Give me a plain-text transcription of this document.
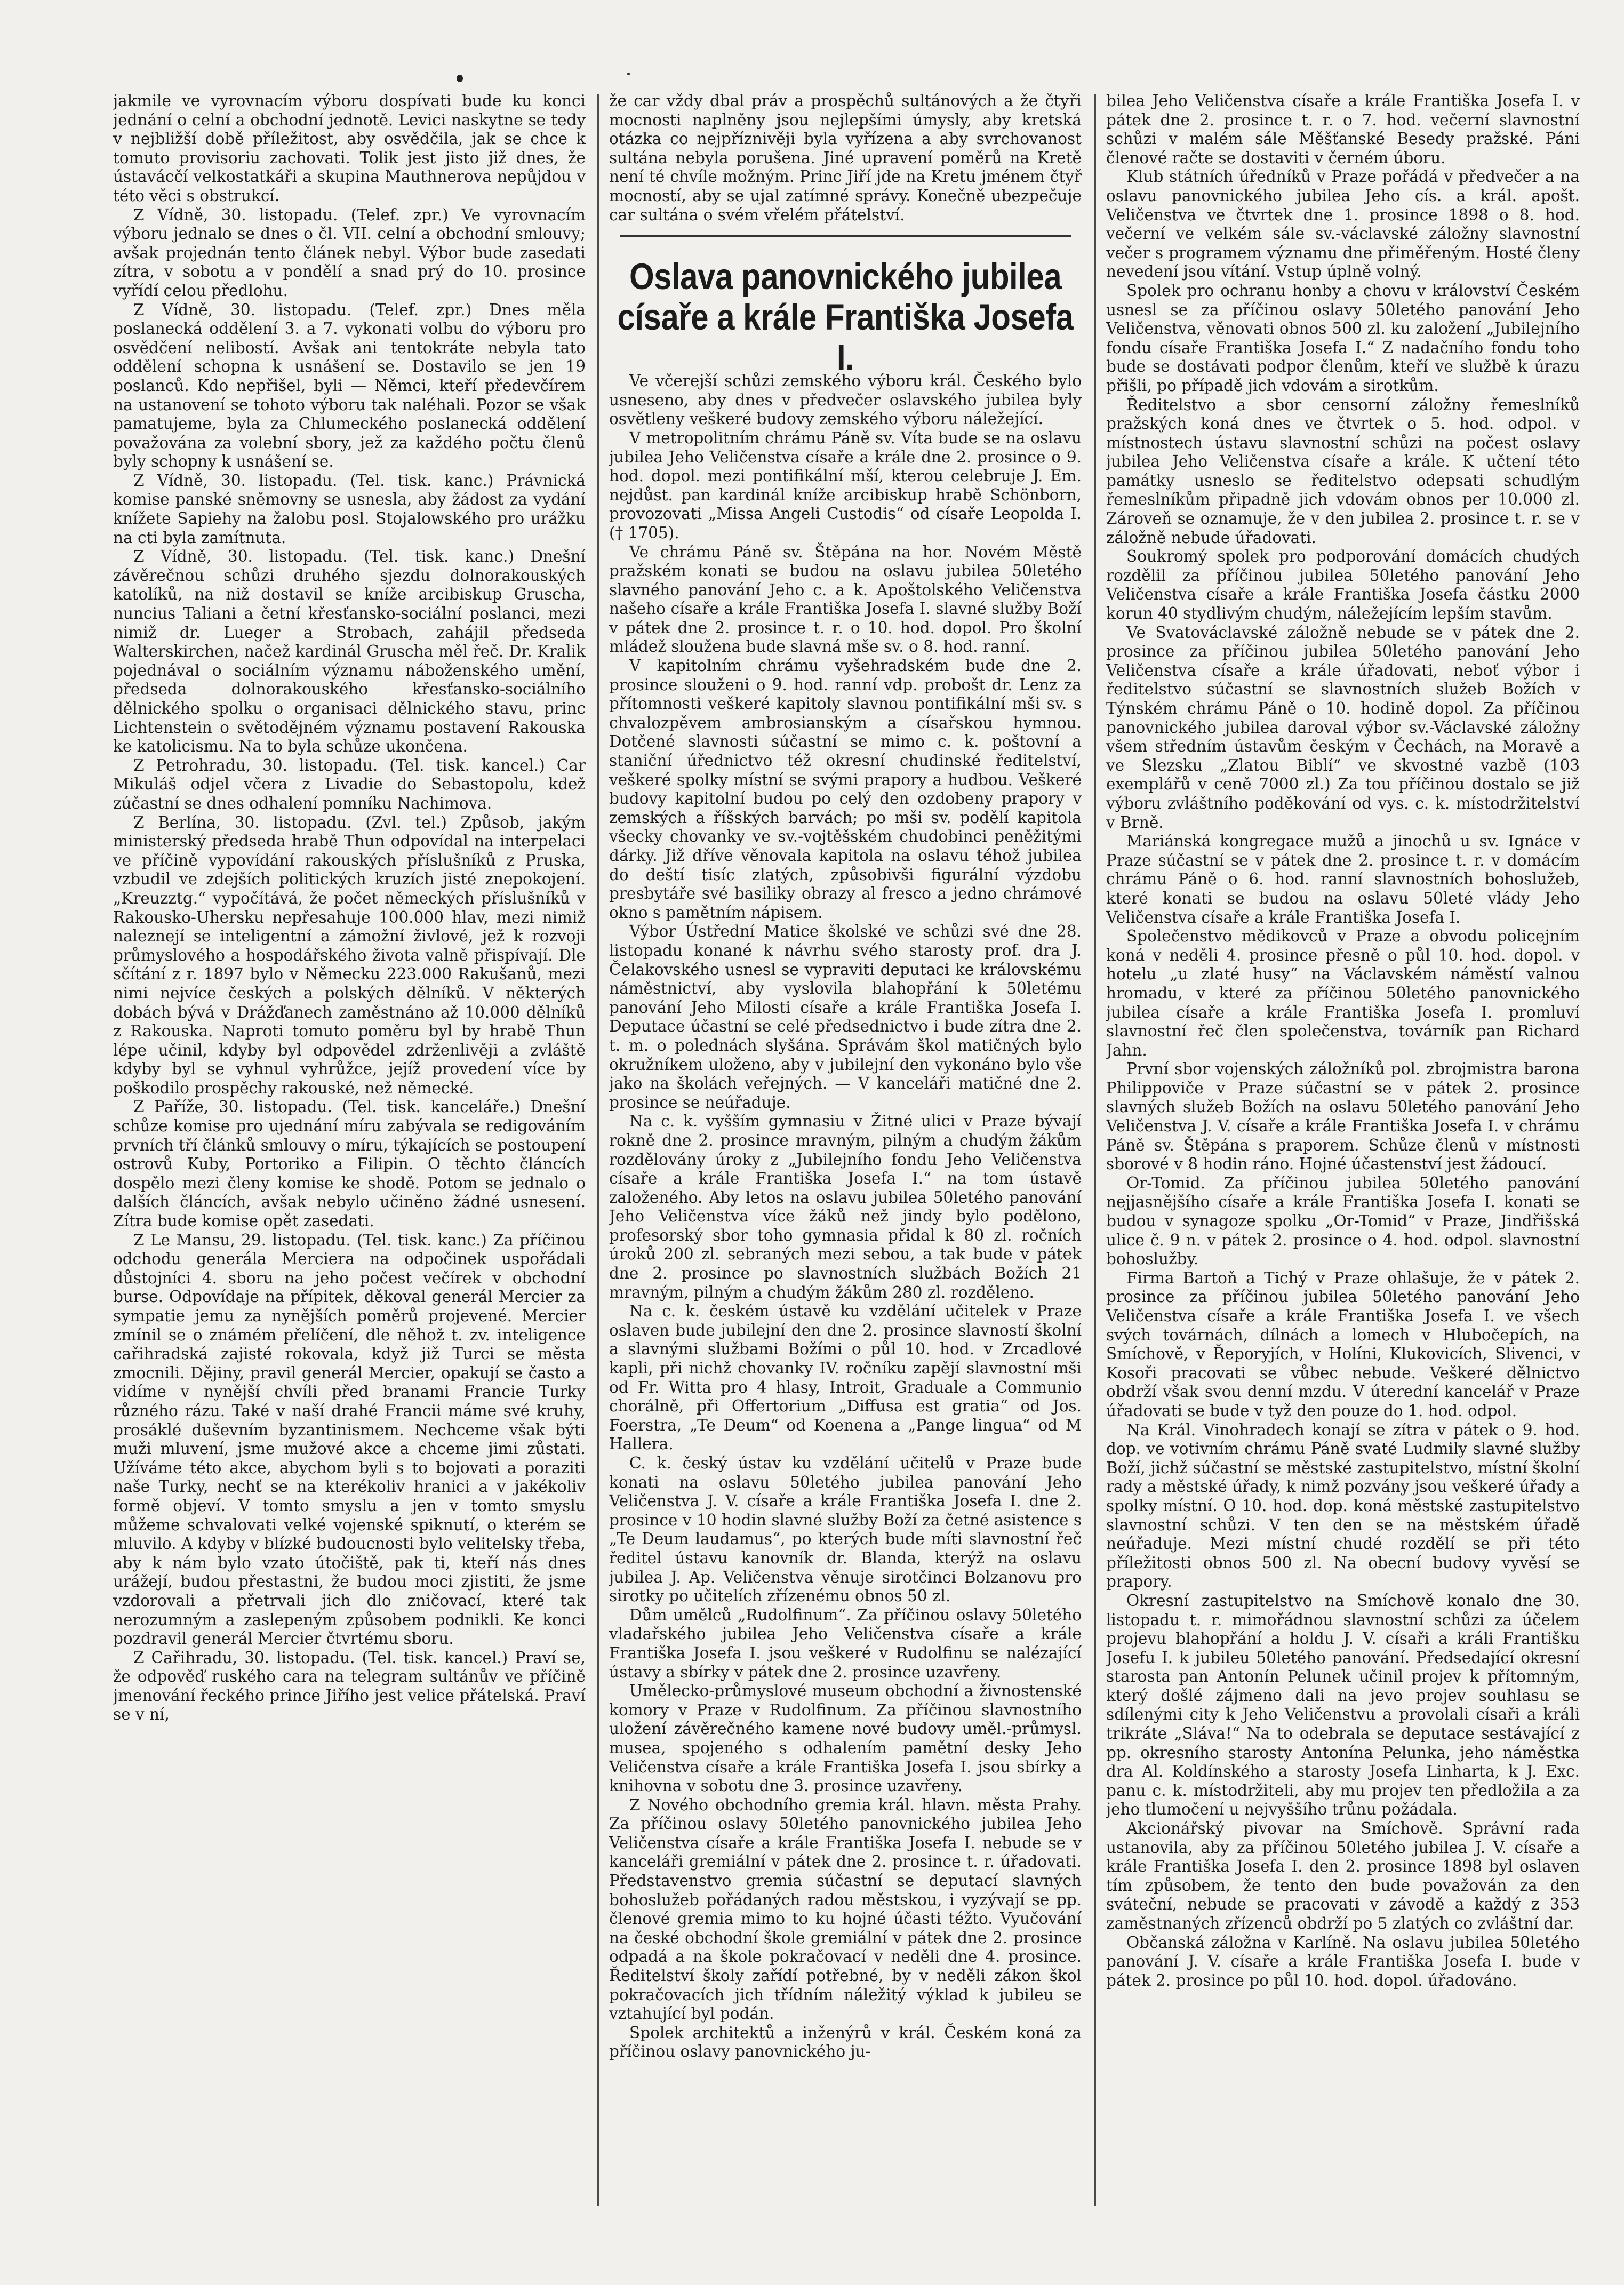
jakmile ve vyrovnacím výboru dospívati bude ku konci jednání o celní a obchodní jednotě. Levici naskytne se tedy v nejbližší době příležitost, aby osvědčila, jak se chce k tomuto provisoriu zachovati. Tolik jest jisto již dnes, že ústavácčí velkostatkáři a skupina Mauthnerova nepůjdou v této věci s obstrukcí.

Z Vídně, 30. listopadu. (Telef. zpr.) Ve vyrovnacím výboru jednalo se dnes o čl. VII. celní a obchodní smlouvy; avšak projednán tento článek nebyl. Výbor bude zasedati zítra, v sobotu a v pondělí a snad prý do 10. prosince vyřídí celou předlohu.

Z Vídně, 30. listopadu. (Telef. zpr.) Dnes měla poslanecká oddělení 3. a 7. vykonati volbu do výboru pro osvědčení nelibostí. Avšak ani tentokráte nebyla tato oddělení schopna k usnášení se. Dostavilo se jen 19 poslanců. Kdo nepřišel, byli — Němci, kteří předevčírem na ustanovení se tohoto výboru tak naléhali. Pozor se však pamatujeme, byla za Chlumeckého poslanecká oddělení považována za volební sbory, jež za každého počtu členů byly schopny k usnášení se.

Z Vídně, 30. listopadu. (Tel. tisk. kanc.) Právnická komise panské sněmovny se usnesla, aby žádost za vydání knížete Sapiehy na žalobu posl. Stojalowského pro urážku na cti byla zamítnuta.

Z Vídně, 30. listopadu. (Tel. tisk. kanc.) Dnešní závěrečnou schůzi druhého sjezdu dolnorakouských katolíků, na niž dostavil se kníže arcibiskup Gruscha, nuncius Taliani a četní křesťansko-sociální poslanci, mezi nimiž dr. Lueger a Strobach, zahájil předseda Walterskirchen, načež kardinál Gruscha měl řeč. Dr. Kralik pojednával o sociálním významu náboženského umění, předseda dolnorakouského křesťansko-sociálního dělnického spolku o organisaci dělnického stavu, princ Lichtenstein o světodějném významu postavení Rakouska ke katolicismu. Na to byla schůze ukončena.

Z Petrohradu, 30. listopadu. (Tel. tisk. kancel.) Car Mikuláš odjel včera z Livadie do Sebastopolu, kdež zúčastní se dnes odhalení pomníku Nachimova.

Z Berlína, 30. listopadu. (Zvl. tel.) Způsob, jakým ministerský předseda hrabě Thun odpovídal na interpelaci ve příčině vypovídání rakouských příslušníků z Pruska, vzbudil ve zdejších politických kruzích jisté znepokojení. „Kreuzztg.“ vypočítává, že počet německých příslušníků v Rakousko-Uhersku nepřesahuje 100.000 hlav, mezi nimiž naleznejí se inteligentní a zámožní živlové, jež k rozvoji průmyslového a hospodářského života valně přispívají. Dle sčítání z r. 1897 bylo v Německu 223.000 Rakušanů, mezi nimi nejvíce českých a polských dělníků. V některých dobách bývá v Drážďanech zaměstnáno až 10.000 dělníků z Rakouska. Naproti tomuto poměru byl by hrabě Thun lépe učinil, kdyby byl odpovědel zdrženlivěji a zvláště kdyby byl se vyhnul vyhrůžce, jejíž provedení více by poškodilo prospěchy rakouské, než německé.

Z Paříže, 30. listopadu. (Tel. tisk. kanceláře.) Dnešní schůze komise pro ujednání míru zabývala se redigováním prvních tří článků smlouvy o míru, týkajících se postoupení ostrovů Kuby, Portoriko a Filipin. O těchto článcích dospělo mezi členy komise ke shodě. Potom se jednalo o dalších článcích, avšak nebylo učiněno žádné usnesení. Zítra bude komise opět zasedati.

Z Le Mansu, 29. listopadu. (Tel. tisk. kanc.) Za příčinou odchodu generála Merciera na odpočinek uspořádali důstojníci 4. sboru na jeho počest večírek v obchodní burse. Odpovídaje na přípitek, děkoval generál Mercier za sympatie jemu za nynějších poměrů projevené. Mercier zmínil se o známém přelíčení, dle něhož t. zv. inteligence cařihradská zajisté rokovala, když již Turci se města zmocnili. Dějiny, pravil generál Mercier, opakují se často a vidíme v nynější chvíli před branami Francie Turky různého rázu. Také v naší drahé Francii máme své kruhy, prosáklé duševním byzantinismem. Nechceme však býti muži mluvení, jsme mužové akce a chceme jimi zůstati. Užíváme této akce, abychom byli s to bojovati a poraziti naše Turky, nechť se na kterékoliv hranici a v jakékoliv formě objeví. V tomto smyslu a jen v tomto smyslu můžeme schvalovati velké vojenské spiknutí, o kterém se mluvilo. A kdyby v blízké budoucnosti bylo velitelsky třeba, aby k nám bylo vzato útočiště, pak ti, kteří nás dnes urážejí, budou přestastni, že budou moci zjistiti, že jsme vzdorovali a přetrvali jich dlo zničovací, které tak nerozumným a zaslepeným způsobem podnikli. Ke konci pozdravil generál Mercier čtvrtému sboru.

Z Cařihradu, 30. listopadu. (Tel. tisk. kancel.) Praví se, že odpověď ruského cara na telegram sultánův ve příčině jmenování řeckého prince Jiřího jest velice přátelská. Praví se v ní,

že car vždy dbal práv a prospěchů sultánových a že čtyři mocnosti naplněny jsou nejlepšími úmysly, aby kretská otázka co nejpříznivěji byla vyřízena a aby svrchovanost sultána nebyla porušena. Jiné upravení poměrů na Kretě není té chvíle možným. Princ Jiří jde na Kretu jménem čtyř mocností, aby se ujal zatímné správy. Konečně ubezpečuje car sultána o svém vřelém přátelství.

Oslava panovnického jubilea císaře a krále Františka Josefa I.

Ve včerejší schůzi zemského výboru král. Českého bylo usneseno, aby dnes v předvečer oslavského jubilea byly osvětleny veškeré budovy zemského výboru náležející.

V metropolitním chrámu Páně sv. Víta bude se na oslavu jubilea Jeho Veličenstva císaře a krále dne 2. prosince o 9. hod. dopol. mezi pontifikální mší, kterou celebruje J. Em. nejdůst. pan kardinál kníže arcibiskup hrabě Schönborn, provozovati „Missa Angeli Custodis“ od císaře Leopolda I. († 1705).

Ve chrámu Páně sv. Štěpána na hor. Novém Městě pražském konati se budou na oslavu jubilea 50letého slavného panování Jeho c. a k. Apoštolského Veličenstva našeho císaře a krále Františka Josefa I. slavné služby Boží v pátek dne 2. prosince t. r. o 10. hod. dopol. Pro školní mládež sloužena bude slavná mše sv. o 8. hod. ranní.

V kapitolním chrámu vyšehradském bude dne 2. prosince slouženi o 9. hod. ranní vdp. probošt dr. Lenz za přítomnosti veškeré kapitoly slavnou pontifikální mši sv. s chvalozpěvem ambrosianským a císařskou hymnou. Dotčené slavnosti súčastní se mimo c. k. poštovní a staniční úřednictvo též okresní chudinské ředitelství, veškeré spolky místní se svými prapory a hudbou. Veškeré budovy kapitolní budou po celý den ozdobeny prapory v zemských a říšských barvách; po mši sv. podělí kapitola všecky chovanky ve sv.-vojtěšském chudobinci peněžitými dárky. Již dříve věnovala kapitola na oslavu téhož jubilea do deští tisíc zlatých, způsobivši figurální výzdobu presbytáře své basiliky obrazy al fresco a jedno chrámové okno s pamětním nápisem.

Výbor Ústřední Matice školské ve schůzi své dne 28. listopadu konané k návrhu svého starosty prof. dra J. Čelakovského usnesl se vypraviti deputaci ke královskému náměstnictví, aby vyslovila blahopřání k 50letému panování Jeho Milosti císaře a krále Františka Josefa I. Deputace účastní se celé předsednictvo i bude zítra dne 2. t. m. o polednách slyšána. Správám škol matičných bylo okružníkem uloženo, aby v jubilejní den vykonáno bylo vše jako na školách veřejných. — V kanceláři matičné dne 2. prosince se neúřaduje.

Na c. k. vyšším gymnasiu v Žitné ulici v Praze bývají rokně dne 2. prosince mravným, pilným a chudým žákům rozdělovány úroky z „Jubilejního fondu Jeho Veličenstva císaře a krále Františka Josefa I.“ na tom ústavě založeného. Aby letos na oslavu jubilea 50letého panování Jeho Veličenstva více žáků než jindy bylo podělono, profesorský sbor toho gymnasia přidal k 80 zl. ročních úroků 200 zl. sebraných mezi sebou, a tak bude v pátek dne 2. prosince po slavnostních službách Božích 21 mravným, pilným a chudým žákům 280 zl. rozděleno.

Na c. k. českém ústavě ku vzdělání učitelek v Praze oslaven bude jubilejní den dne 2. prosince slavností školní a slavnými službami Božími o půl 10. hod. v Zrcadlové kapli, při nichž chovanky IV. ročníku zapějí slavnostní mši od Fr. Witta pro 4 hlasy, Introit, Graduale a Communio chorálně, při Offertorium „Diffusa est gratia“ od Jos. Foerstra, „Te Deum“ od Koenena a „Pange lingua“ od M Hallera.

C. k. český ústav ku vzdělání učitelů v Praze bude konati na oslavu 50letého jubilea panování Jeho Veličenstva J. V. císaře a krále Františka Josefa I. dne 2. prosince v 10 hodin slavné služby Boží za četné asistence s „Te Deum laudamus“, po kterých bude míti slavnostní řeč ředitel ústavu kanovník dr. Blanda, kterýž na oslavu jubilea J. Ap. Veličenstva věnuje sirotčinci Bolzanovu pro sirotky po učitelích zřízenému obnos 50 zl.

Dům umělců „Rudolfinum“. Za příčinou oslavy 50letého vladařského jubilea Jeho Veličenstva císaře a krále Františka Josefa I. jsou veškeré v Rudolfinu se nalézající ústavy a sbírky v pátek dne 2. prosince uzavřeny.

Umělecko-průmyslové museum obchodní a živnostenské komory v Praze v Rudolfinum. Za příčinou slavnostního uložení závěrečného kamene nové budovy uměl.-průmysl. musea, spojeného s odhalením pamětní desky Jeho Veličenstva císaře a krále Františka Josefa I. jsou sbírky a knihovna v sobotu dne 3. prosince uzavřeny.

Z Nového obchodního gremia král. hlavn. města Prahy. Za příčinou oslavy 50letého panovnického jubilea Jeho Veličenstva císaře a krále Františka Josefa I. nebude se v kanceláři gremiální v pátek dne 2. prosince t. r. úřadovati. Představenstvo gremia súčastní se deputací slavných bohoslužeb pořádaných radou městskou, i vyzývají se pp. členové gremia mimo to ku hojné účasti téžto. Vyučování na české obchodní škole gremiální v pátek dne 2. prosince odpadá a na škole pokračovací v neděli dne 4. prosince. Ředitelství školy zařídí potřebné, by v neděli zákon škol pokračovacích jich třídním náležitý výklad k jubileu se vztahující byl podán.

Spolek architektů a inženýrů v král. Českém koná za příčinou oslavy panovnického ju-

bilea Jeho Veličenstva císaře a krále Františka Josefa I. v pátek dne 2. prosince t. r. o 7. hod. večerní slavnostní schůzi v malém sále Měšťanské Besedy pražské. Páni členové račte se dostaviti v černém úboru.

Klub státních úředníků v Praze pořádá v předvečer a na oslavu panovnického jubilea Jeho cís. a král. apošt. Veličenstva ve čtvrtek dne 1. prosince 1898 o 8. hod. večerní ve velkém sále sv.-václavské záložny slavnostní večer s programem významu dne přiměřeným. Hosté členy nevedení jsou vítání. Vstup úplně volný.

Spolek pro ochranu honby a chovu v království Českém usnesl se za příčinou oslavy 50letého panování Jeho Veličenstva, věnovati obnos 500 zl. ku založení „Jubilejního fondu císaře Františka Josefa I.“ Z nadačního fondu toho bude se dostávati podpor členům, kteří ve službě k úrazu přišli, po případě jich vdovám a sirotkům.

Ředitelstvo a sbor censorní záložny řemeslníků pražských koná dnes ve čtvrtek o 5. hod. odpol. v místnostech ústavu slavnostní schůzi na počest oslavy jubilea Jeho Veličenstva císaře a krále. K učtení této památky usneslo se ředitelstvo odepsati schudlým řemeslníkům připadně jich vdovám obnos per 10.000 zl. Zároveň se oznamuje, že v den jubilea 2. prosince t. r. se v záložně nebude úřadovati.

Soukromý spolek pro podporování domácích chudých rozdělil za příčinou jubilea 50letého panování Jeho Veličenstva císaře a krále Františka Josefa částku 2000 korun 40 stydlivým chudým, náležejícím lepším stavům.

Ve Svatováclavské záložně nebude se v pátek dne 2. prosince za příčinou jubilea 50letého panování Jeho Veličenstva císaře a krále úřadovati, neboť výbor i ředitelstvo súčastní se slavnostních služeb Božích v Týnském chrámu Páně o 10. hodině dopol. Za příčinou panovnického jubilea daroval výbor sv.-Václavské záložny všem středním ústavům českým v Čechách, na Moravě a ve Slezsku „Zlatou Biblí“ ve skvostné vazbě (103 exemplářů v ceně 7000 zl.) Za tou příčinou dostalo se již výboru zvláštního poděkování od vys. c. k. místodržitelství v Brně.

Mariánská kongregace mužů a jinochů u sv. Ignáce v Praze súčastní se v pátek dne 2. prosince t. r. v domácím chrámu Páně o 6. hod. ranní slavnostních bohoslužeb, které konati se budou na oslavu 50leté vlády Jeho Veličenstva císaře a krále Františka Josefa I.

Společenstvo mědikovců v Praze a obvodu policejním koná v neděli 4. prosince přesně o půl 10. hod. dopol. v hotelu „u zlaté husy“ na Václavském náměstí valnou hromadu, v které za příčinou 50letého panovnického jubilea císaře a krále Františka Josefa I. promluví slavnostní řeč člen společenstva, továrník pan Richard Jahn.

První sbor vojenských záložníků pol. zbrojmistra barona Philippoviče v Praze súčastní se v pátek 2. prosince slavných služeb Božích na oslavu 50letého panování Jeho Veličenstva J. V. císaře a krále Františka Josefa I. v chrámu Páně sv. Štěpána s praporem. Schůze členů v místnosti sborové v 8 hodin ráno. Hojné účastenství jest žádoucí.

Or-Tomid. Za příčinou jubilea 50letého panování nejjasnějšího císaře a krále Františka Josefa I. konati se budou v synagoze spolku „Or-Tomid“ v Praze, Jindřišská ulice č. 9 n. v pátek 2. prosince o 4. hod. odpol. slavnostní bohoslužby.

Firma Bartoň a Tichý v Praze ohlašuje, že v pátek 2. prosince za příčinou jubilea 50letého panování Jeho Veličenstva císaře a krále Františka Josefa I. ve všech svých továrnách, dílnách a lomech v Hlubočepích, na Smíchově, v Řeporyjích, v Holíni, Klukovicích, Slivenci, v Kosoři pracovati se vůbec nebude. Veškeré dělnictvo obdrží však svou denní mzdu. V úterední kancelář v Praze úřadovati se bude v tyž den pouze do 1. hod. odpol.

Na Král. Vinohradech konají se zítra v pátek o 9. hod. dop. ve votivním chrámu Páně svaté Ludmily slavné služby Boží, jichž súčastní se městské zastupitelstvo, místní školní rady a městské úřady, k nimž pozvány jsou veškeré úřady a spolky místní. O 10. hod. dop. koná městské zastupitelstvo slavnostní schůzi. V ten den se na městském úřadě neúřaduje. Mezi místní chudé rozdělí se při této příležitosti obnos 500 zl. Na obecní budovy vyvěsí se prapory.

Okresní zastupitelstvo na Smíchově konalo dne 30. listopadu t. r. mimořádnou slavnostní schůzi za účelem projevu blahopřání a holdu J. V. císaři a králi Františku Josefu I. k jubileu 50letého panování. Předsedající okresní starosta pan Antonín Pelunek učinil projev k přítomným, který došlé zájmeno dali na jevo projev souhlasu se sdílenými city k Jeho Veličenstvu a provolali císaři a králi trikráte „Sláva!“ Na to odebrala se deputace sestávající z pp. okresního starosty Antonína Pelunka, jeho náměstka dra Al. Koldínského a starosty Josefa Linharta, k J. Exc. panu c. k. místodržiteli, aby mu projev ten předložila a za jeho tlumočení u nejvyššího trůnu požádala.

Akcionářský pivovar na Smíchově. Správní rada ustanovila, aby za příčinou 50letého jubilea J. V. císaře a krále Františka Josefa I. den 2. prosince 1898 byl oslaven tím způsobem, že tento den bude považován za den sváteční, nebude se pracovati v závodě a každý z 353 zaměstnaných zřízenců obdrží po 5 zlatých co zvláštní dar.

Občanská záložna v Karlíně. Na oslavu jubilea 50letého panování J. V. císaře a krále Františka Josefa I. bude v pátek 2. prosince po půl 10. hod. dopol. úřadováno.
